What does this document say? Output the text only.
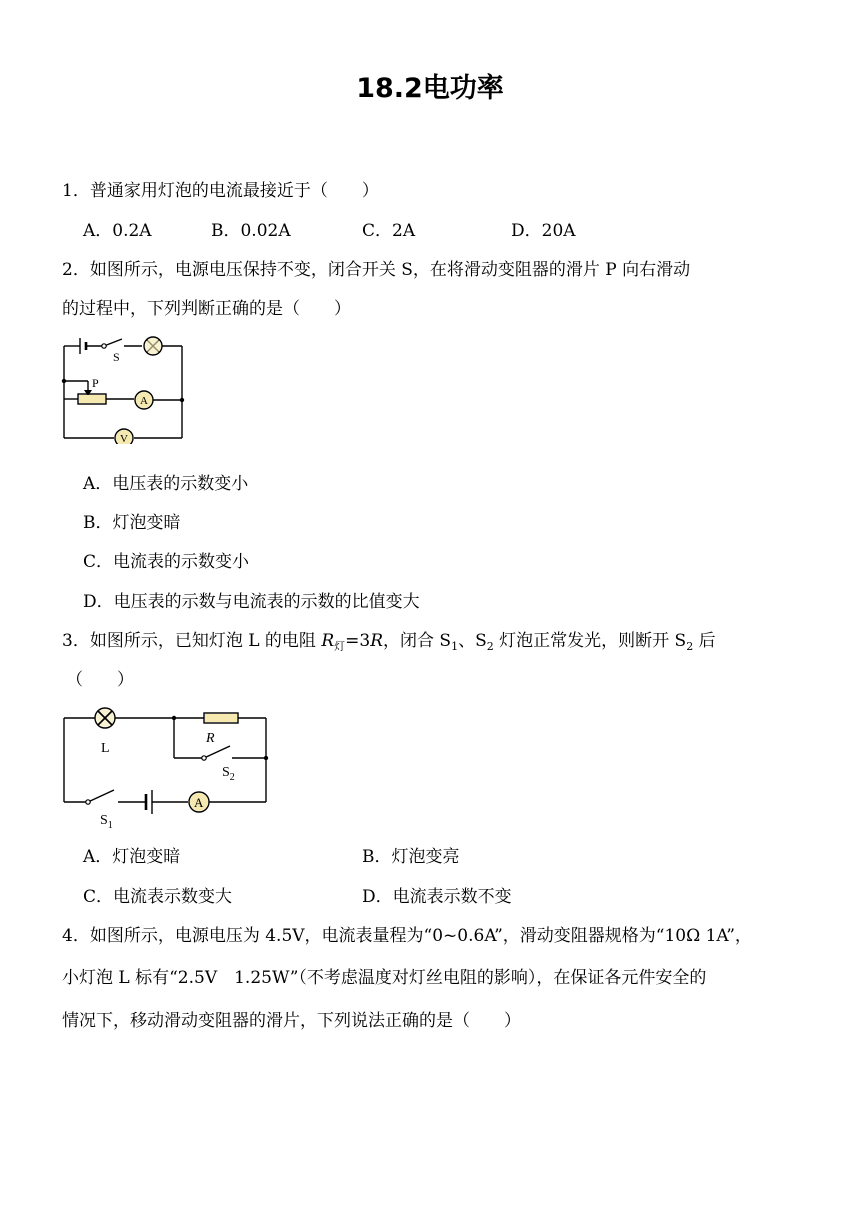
18.2电功率
1．普通家用灯泡的电流最接近于（　　）
A．0.2A	B．0.02A	C．2A	D．20A
2．如图所示，电源电压保持不变，闭合开关 S，在将滑动变阻器的滑片 P 向右滑动
的过程中，下列判断正确的是（　　）
S
P
A
V
A．电压表的示数变小
B．灯泡变暗
C．电流表的示数变小
D．电压表的示数与电流表的示数的比值变大
3．如图所示，已知灯泡 L 的电阻 $R_灯=3R$，闭合 $S_1$、$S_2$ 灯泡正常发光，则断开 $S_2$ 后
（　　）
L
R
$S_2$
$S_1$
A
A．灯泡变暗	B．灯泡变亮
C．电流表示数变大	D．电流表示数不变
4．如图所示，电源电压为 4.5V，电流表量程为“0~0.6A”，滑动变阻器规格为“10Ω 1A”，
小灯泡 L 标有“2.5V　1.25W”（不考虑温度对灯丝电阻的影响），在保证各元件安全的
情况下，移动滑动变阻器的滑片，下列说法正确的是（　　）
